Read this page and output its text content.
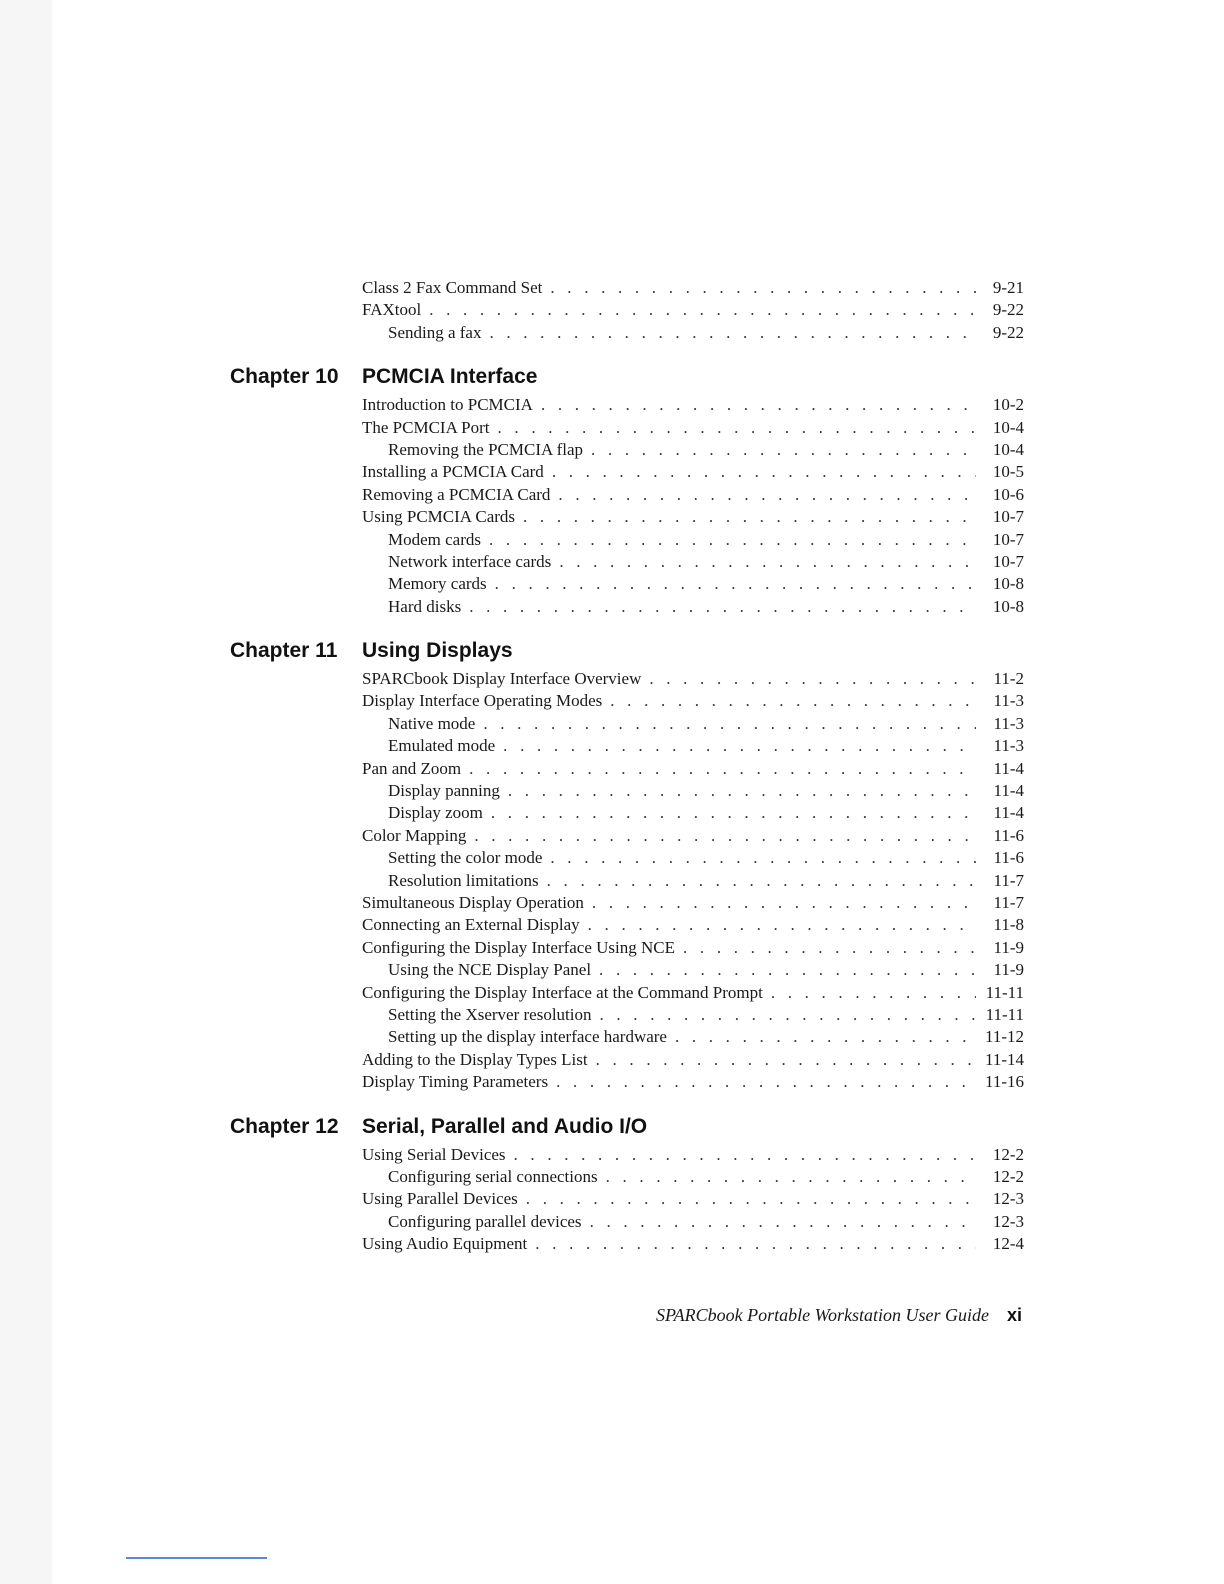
Class 2 Fax Command Set . . .	9-21
FAXtool . . .	9-22
Sending a fax . . .	9-22
Chapter 10	PCMCIA Interface
Introduction to PCMCIA . . .	10-2
The PCMCIA Port . . .	10-4
Removing the PCMCIA flap . . .	10-4
Installing a PCMCIA Card . . .	10-5
Removing a PCMCIA Card . . .	10-6
Using PCMCIA Cards . . .	10-7
Modem cards . . .	10-7
Network interface cards . . .	10-7
Memory cards . . .	10-8
Hard disks . . .	10-8
Chapter 11	Using Displays
SPARCbook Display Interface Overview . . .	11-2
Display Interface Operating Modes . . .	11-3
Native mode . . .	11-3
Emulated mode . . .	11-3
Pan and Zoom . . .	11-4
Display panning . . .	11-4
Display zoom . . .	11-4
Color Mapping . . .	11-6
Setting the color mode . . .	11-6
Resolution limitations . . .	11-7
Simultaneous Display Operation . . .	11-7
Connecting an External Display . . .	11-8
Configuring the Display Interface Using NCE . . .	11-9
Using the NCE Display Panel . . .	11-9
Configuring the Display Interface at the Command Prompt . . .	11-11
Setting the Xserver resolution . . .	11-11
Setting up the display interface hardware . . .	11-12
Adding to the Display Types List . . .	11-14
Display Timing Parameters . . .	11-16
Chapter 12	Serial, Parallel and Audio I/O
Using Serial Devices . . .	12-2
Configuring serial connections . . .	12-2
Using Parallel Devices . . .	12-3
Configuring parallel devices . . .	12-3
Using Audio Equipment . . .	12-4
SPARCbook Portable Workstation User Guide xi
